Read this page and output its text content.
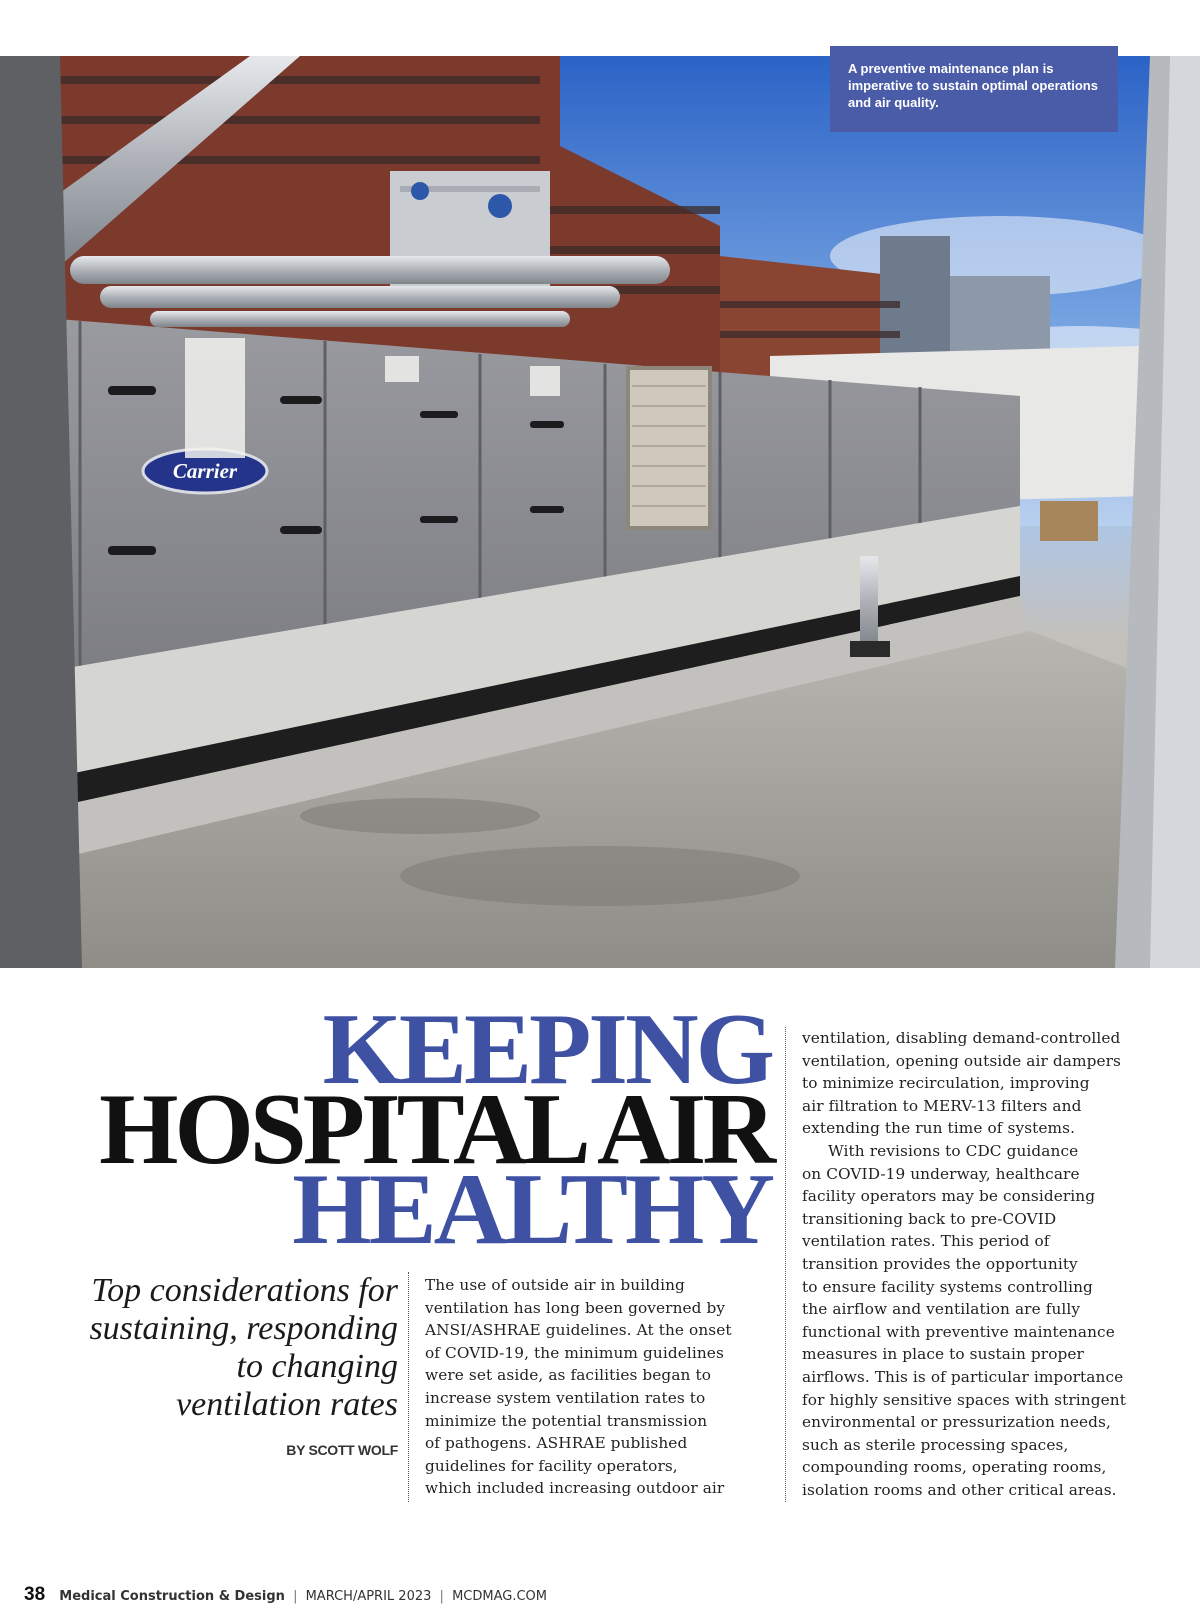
Carrier
A preventive maintenance plan is imperative to sustain optimal operations and air quality.
KEEPING
HOSPITAL AIR
HEALTHY
Top considerations for
sustaining, responding
to changing
ventilation rates
BY SCOTT WOLF

The use of outside air in building

ventilation has long been governed by

ANSI/ASHRAE guidelines. At the onset

of COVID-19, the minimum guidelines

were set aside, as facilities began to

increase system ventilation rates to

minimize the potential transmission

of pathogens. ASHRAE published

guidelines for facility operators,

which included increasing outdoor air

ventilation, disabling demand-controlled

ventilation, opening outside air dampers

to minimize recirculation, improving

air filtration to MERV-13 filters and

extending the run time of systems.

With revisions to CDC guidance

on COVID-19 underway, healthcare

facility operators may be considering

transitioning back to pre-COVID

ventilation rates. This period of

transition provides the opportunity

to ensure facility systems controlling

the airflow and ventilation are fully

functional with preventive maintenance

measures in place to sustain proper

airflows. This is of particular importance

for highly sensitive spaces with stringent

environmental or pressurization needs,

such as sterile processing spaces,

compounding rooms, operating rooms,

isolation rooms and other critical areas.

38 Medical Construction & Design | MARCH/APRIL 2023 | MCDMAG.COM
